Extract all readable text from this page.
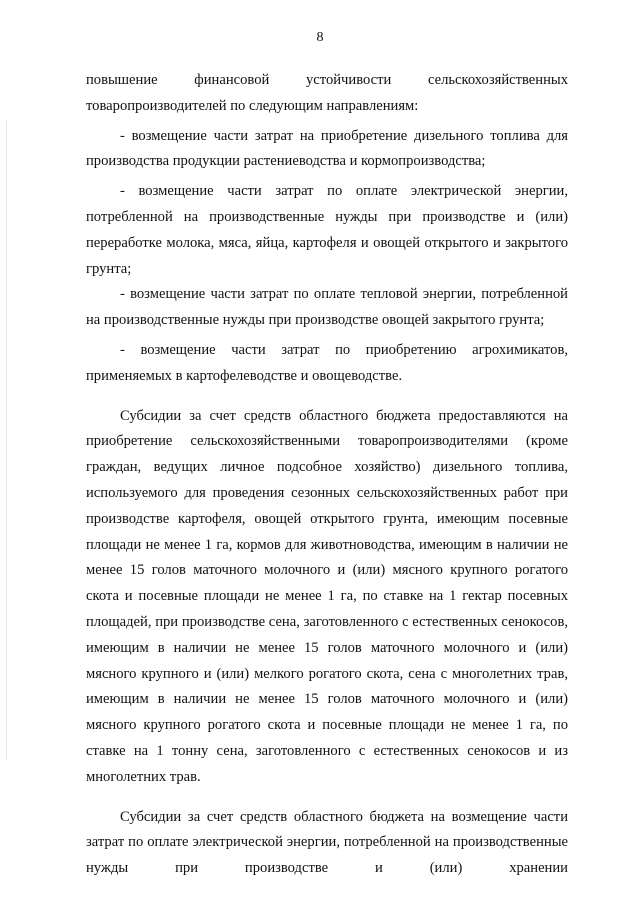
8

повышение финансовой устойчивости сельскохозяйственных товаропроизводителей по следующим направлениям:

- возмещение части затрат на приобретение дизельного топлива для производства продукции растениеводства и кормопроизводства;

- возмещение части затрат по оплате электрической энергии, потребленной на производственные нужды при производстве и (или) переработке молока, мяса, яйца, картофеля и овощей открытого и закрытого грунта;

- возмещение части затрат по оплате тепловой энергии, потребленной на производственные нужды при производстве овощей закрытого грунта;

- возмещение части затрат по приобретению агрохимикатов, применяемых в картофелеводстве и овощеводстве.

Субсидии за счет средств областного бюджета предоставляются на приобретение сельскохозяйственными товаропроизводителями (кроме граждан, ведущих личное подсобное хозяйство) дизельного топлива, используемого для проведения сезонных сельскохозяйственных работ при производстве картофеля, овощей открытого грунта, имеющим посевные площади не менее 1 га, кормов для животноводства, имеющим в наличии не менее 15 голов маточного молочного и (или) мясного крупного рогатого скота и посевные площади не менее 1 га, по ставке на 1 гектар посевных площадей, при производстве сена, заготовленного с естественных сенокосов, имеющим в наличии не менее 15 голов маточного молочного и (или) мясного крупного и (или) мелкого рогатого скота, сена с многолетних трав, имеющим в наличии не менее 15 голов маточного молочного и (или) мясного крупного рогатого скота и посевные площади не менее 1 га, по ставке на 1 тонну сена, заготовленного с естественных сенокосов и из многолетних трав.

Субсидии за счет средств областного бюджета на возмещение части затрат по оплате электрической энергии, потребленной на производственные нужды при производстве и (или) хранении
